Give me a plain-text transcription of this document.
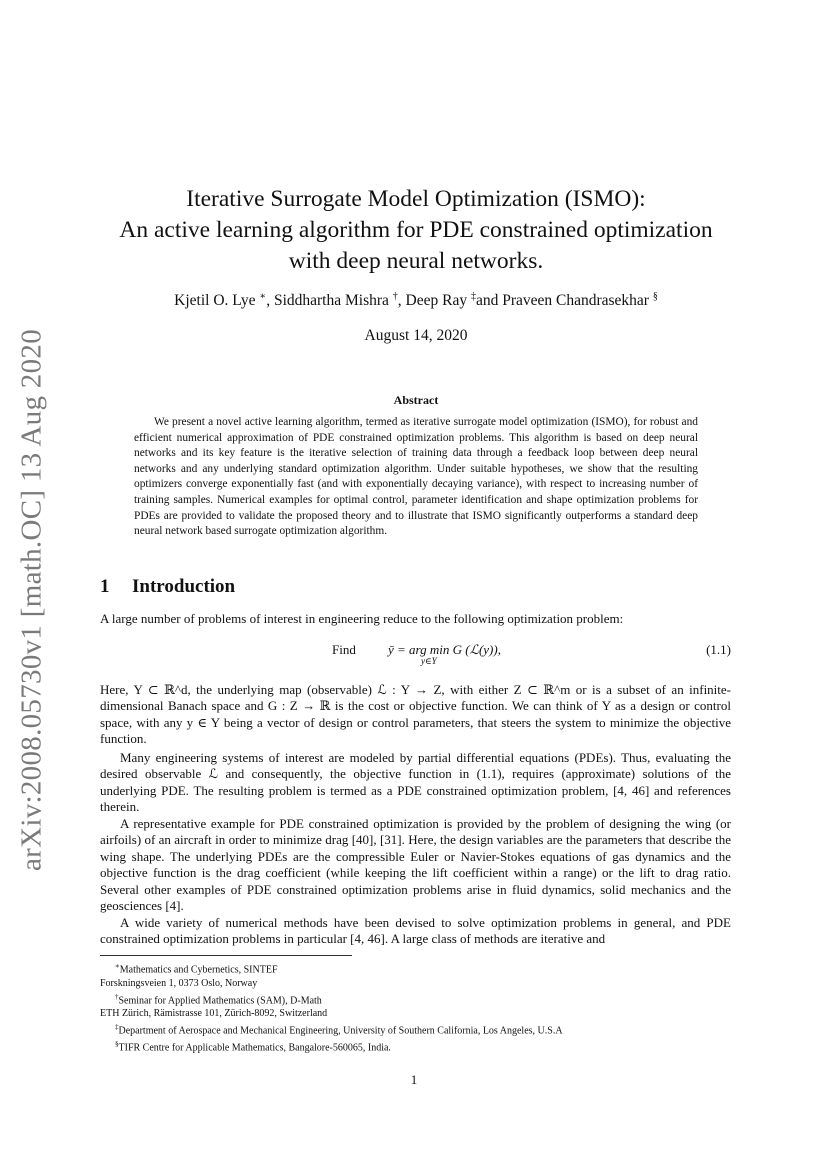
arXiv:2008.05730v1 [math.OC] 13 Aug 2020
Iterative Surrogate Model Optimization (ISMO):
An active learning algorithm for PDE constrained optimization
with deep neural networks.
Kjetil O. Lye ∗, Siddhartha Mishra †, Deep Ray ‡and Praveen Chandrasekhar §
August 14, 2020
Abstract

We present a novel active learning algorithm, termed as iterative surrogate model optimization (ISMO), for robust and efficient numerical approximation of PDE constrained optimization problems. This algorithm is based on deep neural networks and its key feature is the iterative selection of training data through a feedback loop between deep neural networks and any underlying standard optimization algorithm. Under suitable hypotheses, we show that the resulting optimizers converge exponentially fast (and with exponentially decaying variance), with respect to increasing number of training samples. Numerical examples for optimal control, parameter identification and shape optimization problems for PDEs are provided to validate the proposed theory and to illustrate that ISMO significantly outperforms a standard deep neural network based surrogate optimization algorithm.

1 Introduction

A large number of problems of interest in engineering reduce to the following optimization problem:

Find ȳ = arg min G (ℒ(y)),
y∈Y
(1.1)

Here, Y ⊂ ℝ^d, the underlying map (observable) ℒ : Y → Z, with either Z ⊂ ℝ^m or is a subset of an infinite-dimensional Banach space and G : Z → ℝ is the cost or objective function. We can think of Y as a design or control space, with any y ∈ Y being a vector of design or control parameters, that steers the system to minimize the objective function.

Many engineering systems of interest are modeled by partial differential equations (PDEs). Thus, evaluating the desired observable ℒ and consequently, the objective function in (1.1), requires (approximate) solutions of the underlying PDE. The resulting problem is termed as a PDE constrained optimization problem, [4, 46] and references therein.

A representative example for PDE constrained optimization is provided by the problem of designing the wing (or airfoils) of an aircraft in order to minimize drag [40], [31]. Here, the design variables are the parameters that describe the wing shape. The underlying PDEs are the compressible Euler or Navier-Stokes equations of gas dynamics and the objective function is the drag coefficient (while keeping the lift coefficient within a range) or the lift to drag ratio. Several other examples of PDE constrained optimization problems arise in fluid dynamics, solid mechanics and the geosciences [4].

A wide variety of numerical methods have been devised to solve optimization problems in general, and PDE constrained optimization problems in particular [4, 46]. A large class of methods are iterative and

∗Mathematics and Cybernetics, SINTEF
Forskningsveien 1, 0373 Oslo, Norway
†Seminar for Applied Mathematics (SAM), D-Math
ETH Zürich, Rämistrasse 101, Zürich-8092, Switzerland
‡Department of Aerospace and Mechanical Engineering, University of Southern California, Los Angeles, U.S.A
§TIFR Centre for Applicable Mathematics, Bangalore-560065, India.
1
